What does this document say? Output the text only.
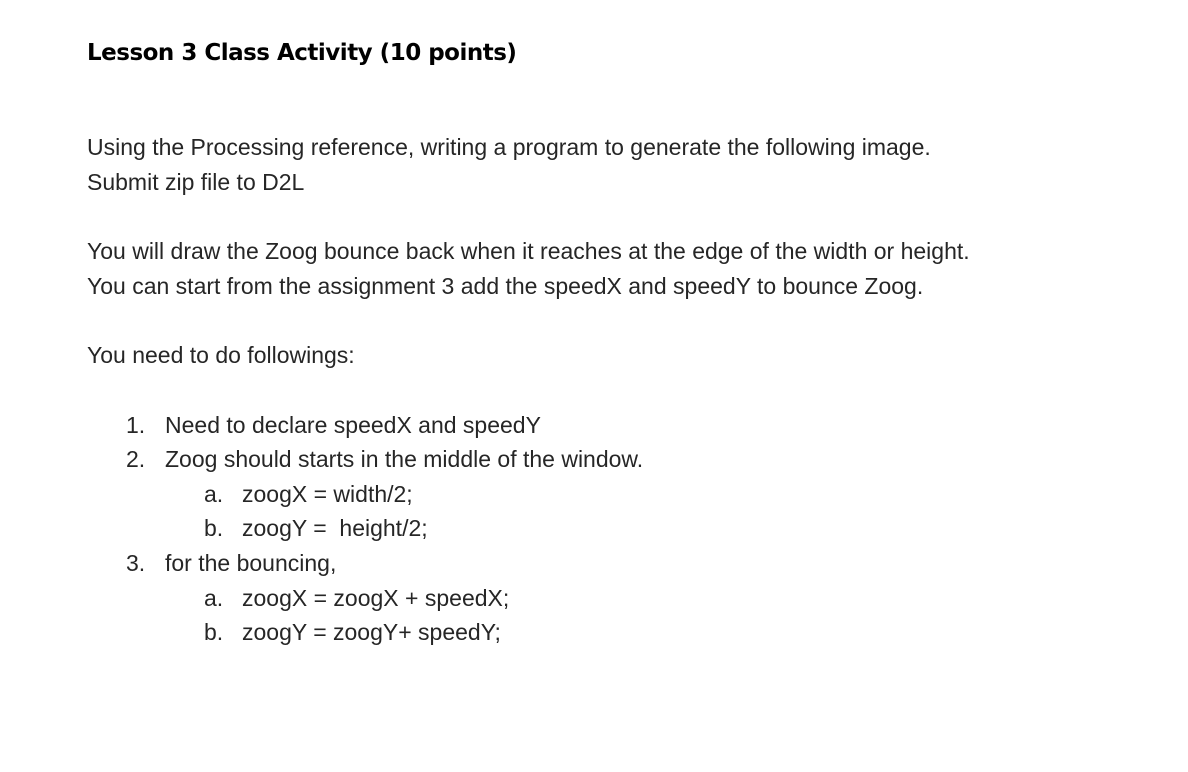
Lesson 3 Class Activity (10 points)
Using the Processing reference, writing a program to generate the following image.
Submit zip file to D2L
You will draw the Zoog bounce back when it reaches at the edge of the width or height.
You can start from the assignment 3 add the speedX and speedY to bounce Zoog.
You need to do followings:
1. Need to declare speedX and speedY
2. Zoog should starts in the middle of the window.
a. zoogX = width/2;
b. zoogY =  height/2;
3. for the bouncing,
a. zoogX = zoogX + speedX;
b. zoogY = zoogY+ speedY;
